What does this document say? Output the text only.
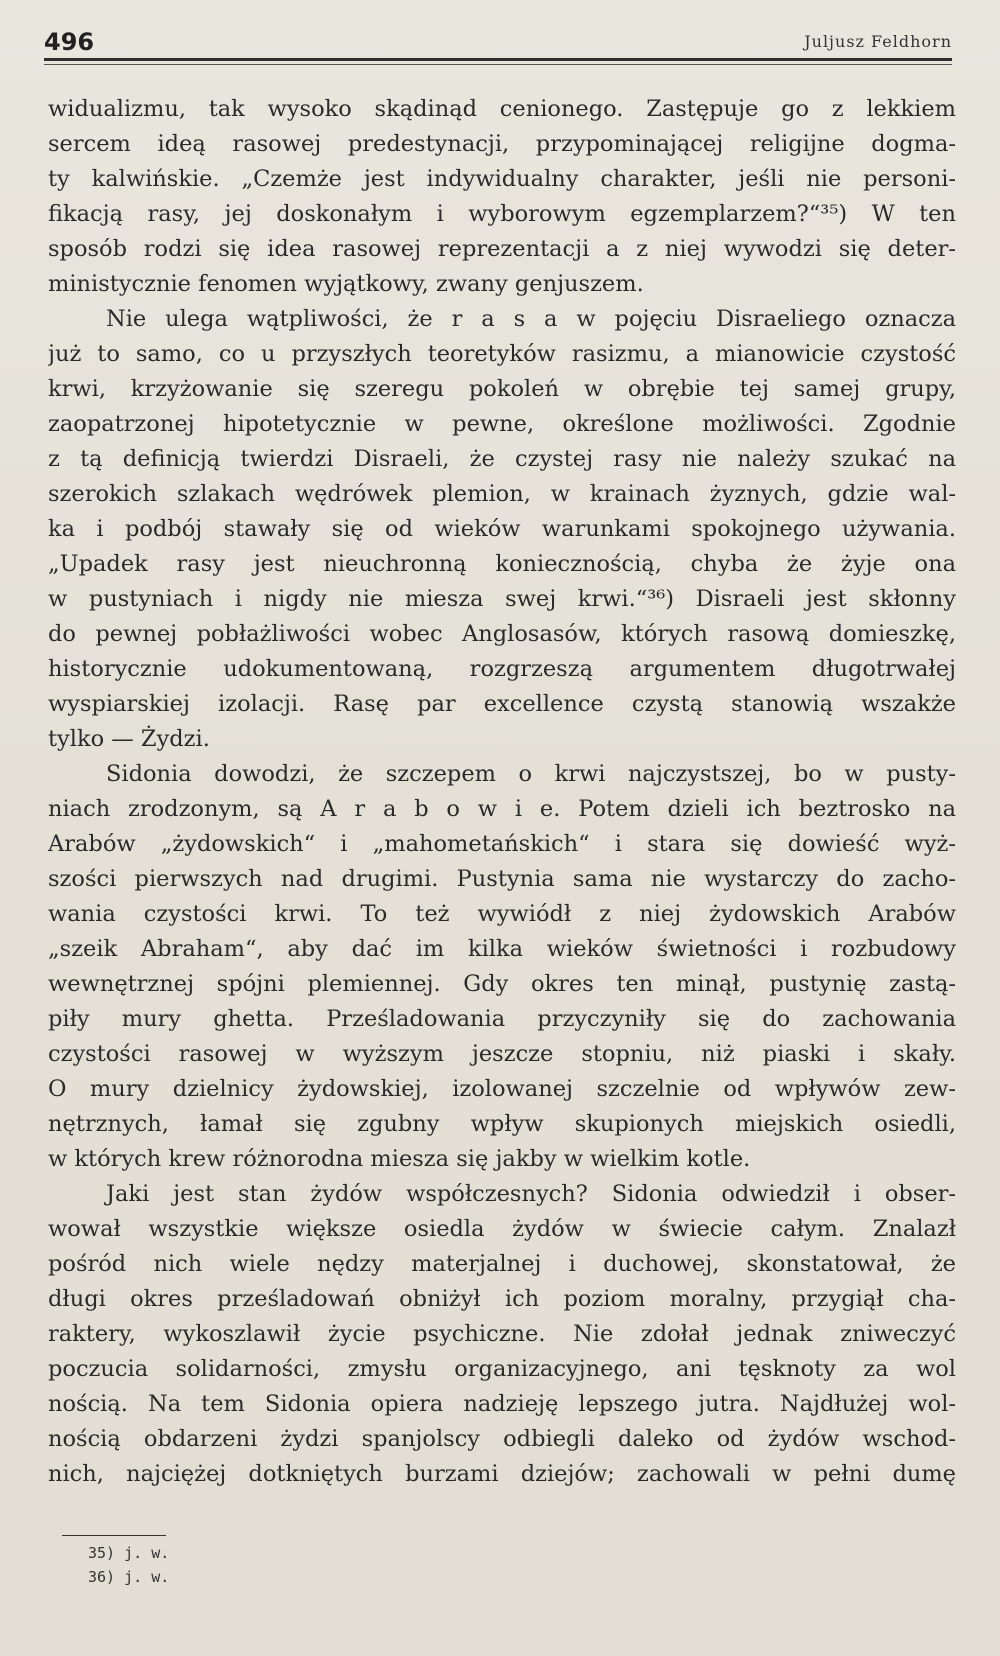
496	Juljusz Feldhorn
widualizmu, tak wysoko skądinąd cenionego. Zastępuje go z lekkiem
sercem ideą rasowej predestynacji, przypominającej religijne dogma-
ty kalwińskie. „Czemże jest indywidualny charakter, jeśli nie personi-
fikacją rasy, jej doskonałym i wyborowym egzemplarzem?“³⁵) W ten
sposób rodzi się idea rasowej reprezentacji a z niej wywodzi się deter-
ministycznie fenomen wyjątkowy, zwany genjuszem.
Nie ulega wątpliwości, że r a s a w pojęciu Disraeliego oznacza
już to samo, co u przyszłych teoretyków rasizmu, a mianowicie czystość
krwi, krzyżowanie się szeregu pokoleń w obrębie tej samej grupy,
zaopatrzonej hipotetycznie w pewne, określone możliwości. Zgodnie
z tą definicją twierdzi Disraeli, że czystej rasy nie należy szukać na
szerokich szlakach wędrówek plemion, w krainach żyznych, gdzie wal-
ka i podbój stawały się od wieków warunkami spokojnego używania.
„Upadek rasy jest nieuchronną koniecznością, chyba że żyje ona
w pustyniach i nigdy nie miesza swej krwi.“³⁶) Disraeli jest skłonny
do pewnej pobłażliwości wobec Anglosasów, których rasową domieszkę,
historycznie udokumentowaną, rozgrzeszą argumentem długotrwałej
wyspiarskiej izolacji. Rasę par excellence czystą stanowią wszakże
tylko — Żydzi.
Sidonia dowodzi, że szczepem o krwi najczystszej, bo w pusty-
niach zrodzonym, są A r a b o w i e. Potem dzieli ich beztrosko na
Arabów „żydowskich“ i „mahometańskich“ i stara się dowieść wyż-
szości pierwszych nad drugimi. Pustynia sama nie wystarczy do zacho-
wania czystości krwi. To też wywiódł z niej żydowskich Arabów
„szeik Abraham“, aby dać im kilka wieków świetności i rozbudowy
wewnętrznej spójni plemiennej. Gdy okres ten minął, pustynię zastą-
piły mury ghetta. Prześladowania przyczyniły się do zachowania
czystości rasowej w wyższym jeszcze stopniu, niż piaski i skały.
O mury dzielnicy żydowskiej, izolowanej szczelnie od wpływów zew-
nętrznych, łamał się zgubny wpływ skupionych miejskich osiedli,
w których krew różnorodna miesza się jakby w wielkim kotle.
Jaki jest stan żydów współczesnych? Sidonia odwiedził i obser-
wował wszystkie większe osiedla żydów w świecie całym. Znalazł
pośród nich wiele nędzy materjalnej i duchowej, skonstatował, że
długi okres prześladowań obniżył ich poziom moralny, przygiął cha-
raktery, wykoszlawił życie psychiczne. Nie zdołał jednak zniweczyć
poczucia solidarności, zmysłu organizacyjnego, ani tęsknoty za wol
nością. Na tem Sidonia opiera nadzieję lepszego jutra. Najdłużej wol-
nością obdarzeni żydzi spanjolscy odbiegli daleko od żydów wschod-
nich, najciężej dotkniętych burzami dziejów; zachowali w pełni dumę
35) j. w.
36) j. w.
